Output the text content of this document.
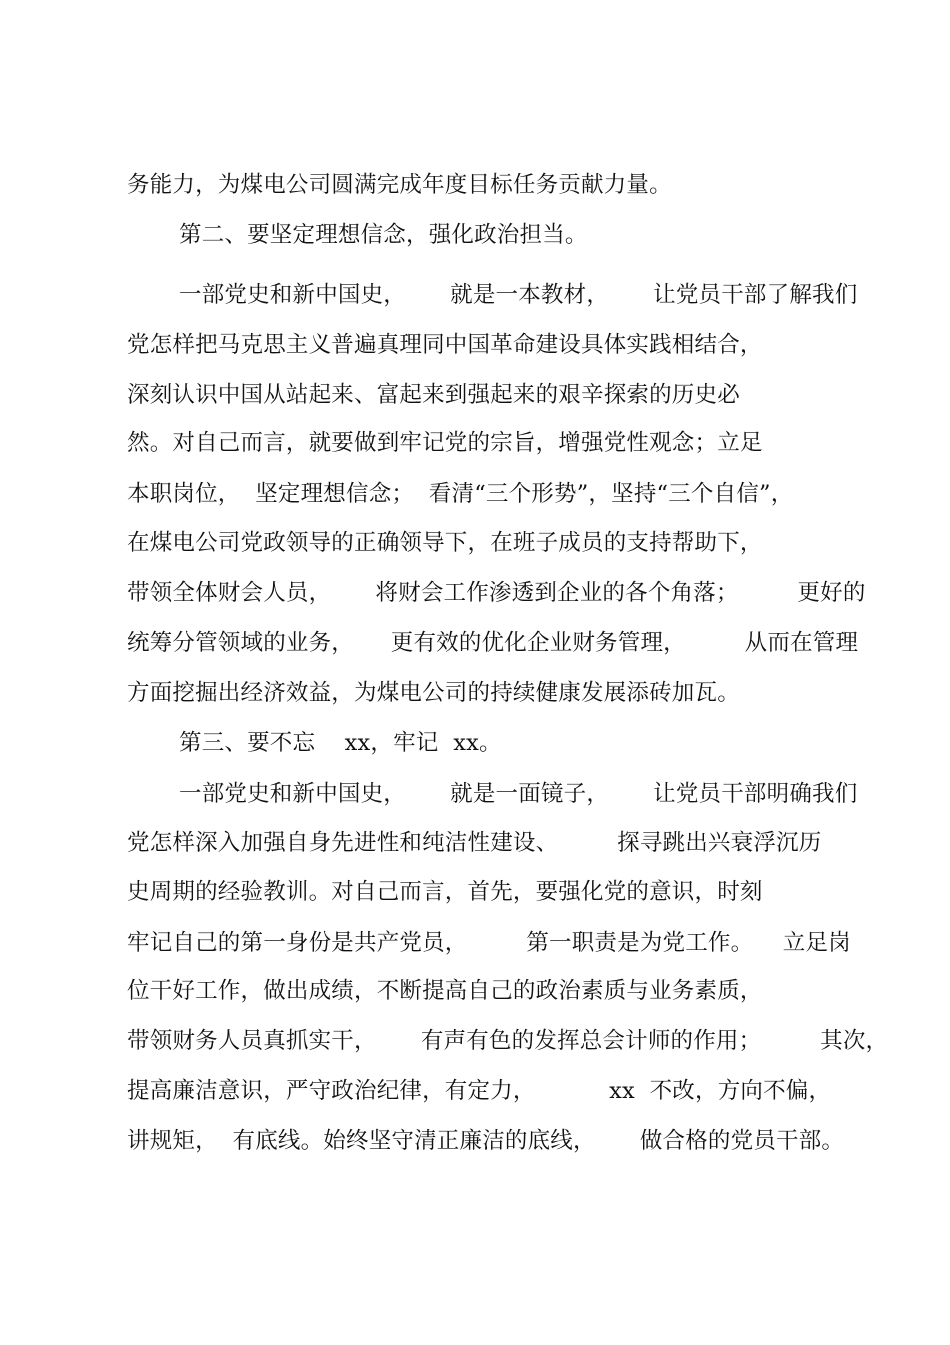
务能力，为煤电公司圆满完成年度目标任务贡献力量。
第二、要坚定理想信念，强化政治担当。
一部党史和新中国史，      就是一本教材，      让党员干部了解我们
党怎样把马克思主义普遍真理同中国革命建设具体实践相结合，
深刻认识中国从站起来、富起来到强起来的艰辛探索的历史必
然。对自己而言，就要做到牢记党的宗旨，增强党性观念；立足
本职岗位，  坚定理想信念；  看清“三个形势”，坚持“三个自信”，
在煤电公司党政领导的正确领导下，在班子成员的支持帮助下，
带领全体财会人员，      将财会工作渗透到企业的各个角落；        更好的
统筹分管领域的业务，     更有效的优化企业财务管理，        从而在管理
方面挖掘出经济效益，为煤电公司的持续健康发展添砖加瓦。
第三、要不忘    xx，牢记  xx。
一部党史和新中国史，      就是一面镜子，      让党员干部明确我们
党怎样深入加强自身先进性和纯洁性建设、        探寻跳出兴衰浮沉历
史周期的经验教训。对自己而言，首先，要强化党的意识，时刻
牢记自己的第一身份是共产党员，        第一职责是为党工作。    立足岗
位干好工作，做出成绩，不断提高自己的政治素质与业务素质，
带领财务人员真抓实干，      有声有色的发挥总会计师的作用；        其次，
提高廉洁意识，严守政治纪律，有定力，          xx  不改，方向不偏，
讲规矩，  有底线。始终坚守清正廉洁的底线，      做合格的党员干部。
